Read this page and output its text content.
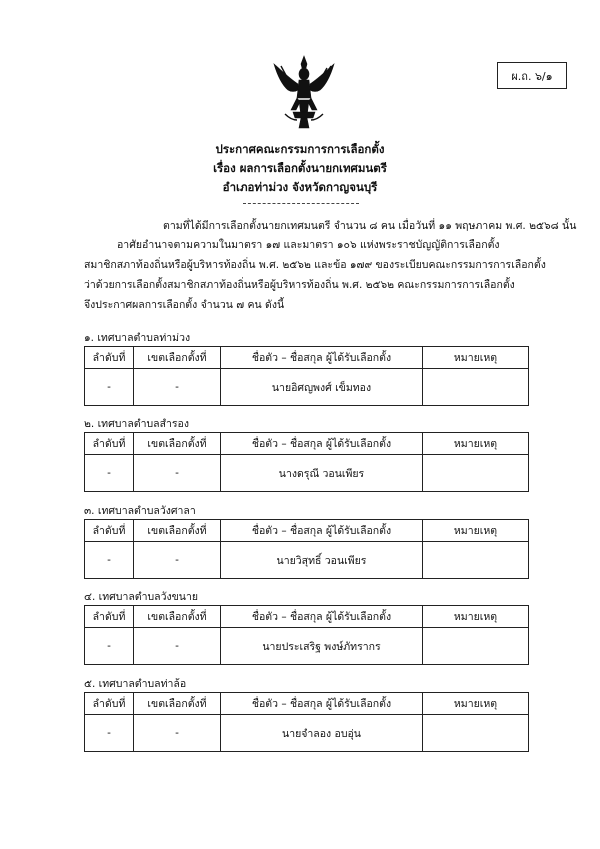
ผ.ถ. ๖/๑
ประกาศคณะกรรมการการเลือกตั้ง
เรื่อง ผลการเลือกตั้งนายกเทศมนตรี
อำเภอท่าม่วง จังหวัดกาญจนบุรี
ตามที่ได้มีการเลือกตั้งนายกเทศมนตรี จำนวน ๘ คน เมื่อวันที่ ๑๑ พฤษภาคม พ.ศ. ๒๕๖๘ นั้น
อาศัยอำนาจตามความในมาตรา ๑๗ และมาตรา ๑๐๖ แห่งพระราชบัญญัติการเลือกตั้ง
สมาชิกสภาท้องถิ่นหรือผู้บริหารท้องถิ่น พ.ศ. ๒๕๖๒ และข้อ ๑๗๙ ของระเบียบคณะกรรมการการเลือกตั้ง
ว่าด้วยการเลือกตั้งสมาชิกสภาท้องถิ่นหรือผู้บริหารท้องถิ่น พ.ศ. ๒๕๖๒ คณะกรรมการการเลือกตั้ง
จึงประกาศผลการเลือกตั้ง จำนวน ๗ คน ดังนี้
๑. เทศบาลตำบลท่าม่วง
ลำดับที่	เขตเลือกตั้งที่	ชื่อตัว – ชื่อสกุล ผู้ได้รับเลือกตั้ง	หมายเหตุ
-	-	นายอิศญพงศ์ เข็มทอง	
๒. เทศบาลตำบลสำรอง
ลำดับที่	เขตเลือกตั้งที่	ชื่อตัว – ชื่อสกุล ผู้ได้รับเลือกตั้ง	หมายเหตุ
-	-	นางดรุณี วอนเพียร	
๓. เทศบาลตำบลวังศาลา
ลำดับที่	เขตเลือกตั้งที่	ชื่อตัว – ชื่อสกุล ผู้ได้รับเลือกตั้ง	หมายเหตุ
-	-	นายวิสุทธิ์ วอนเพียร	
๔. เทศบาลตำบลวังขนาย
ลำดับที่	เขตเลือกตั้งที่	ชื่อตัว – ชื่อสกุล ผู้ได้รับเลือกตั้ง	หมายเหตุ
-	-	นายประเสริฐ พงษ์ภัทรากร	
๕. เทศบาลตำบลท่าล้อ
ลำดับที่	เขตเลือกตั้งที่	ชื่อตัว – ชื่อสกุล ผู้ได้รับเลือกตั้ง	หมายเหตุ
-	-	นายจำลอง อบอุ่น	
